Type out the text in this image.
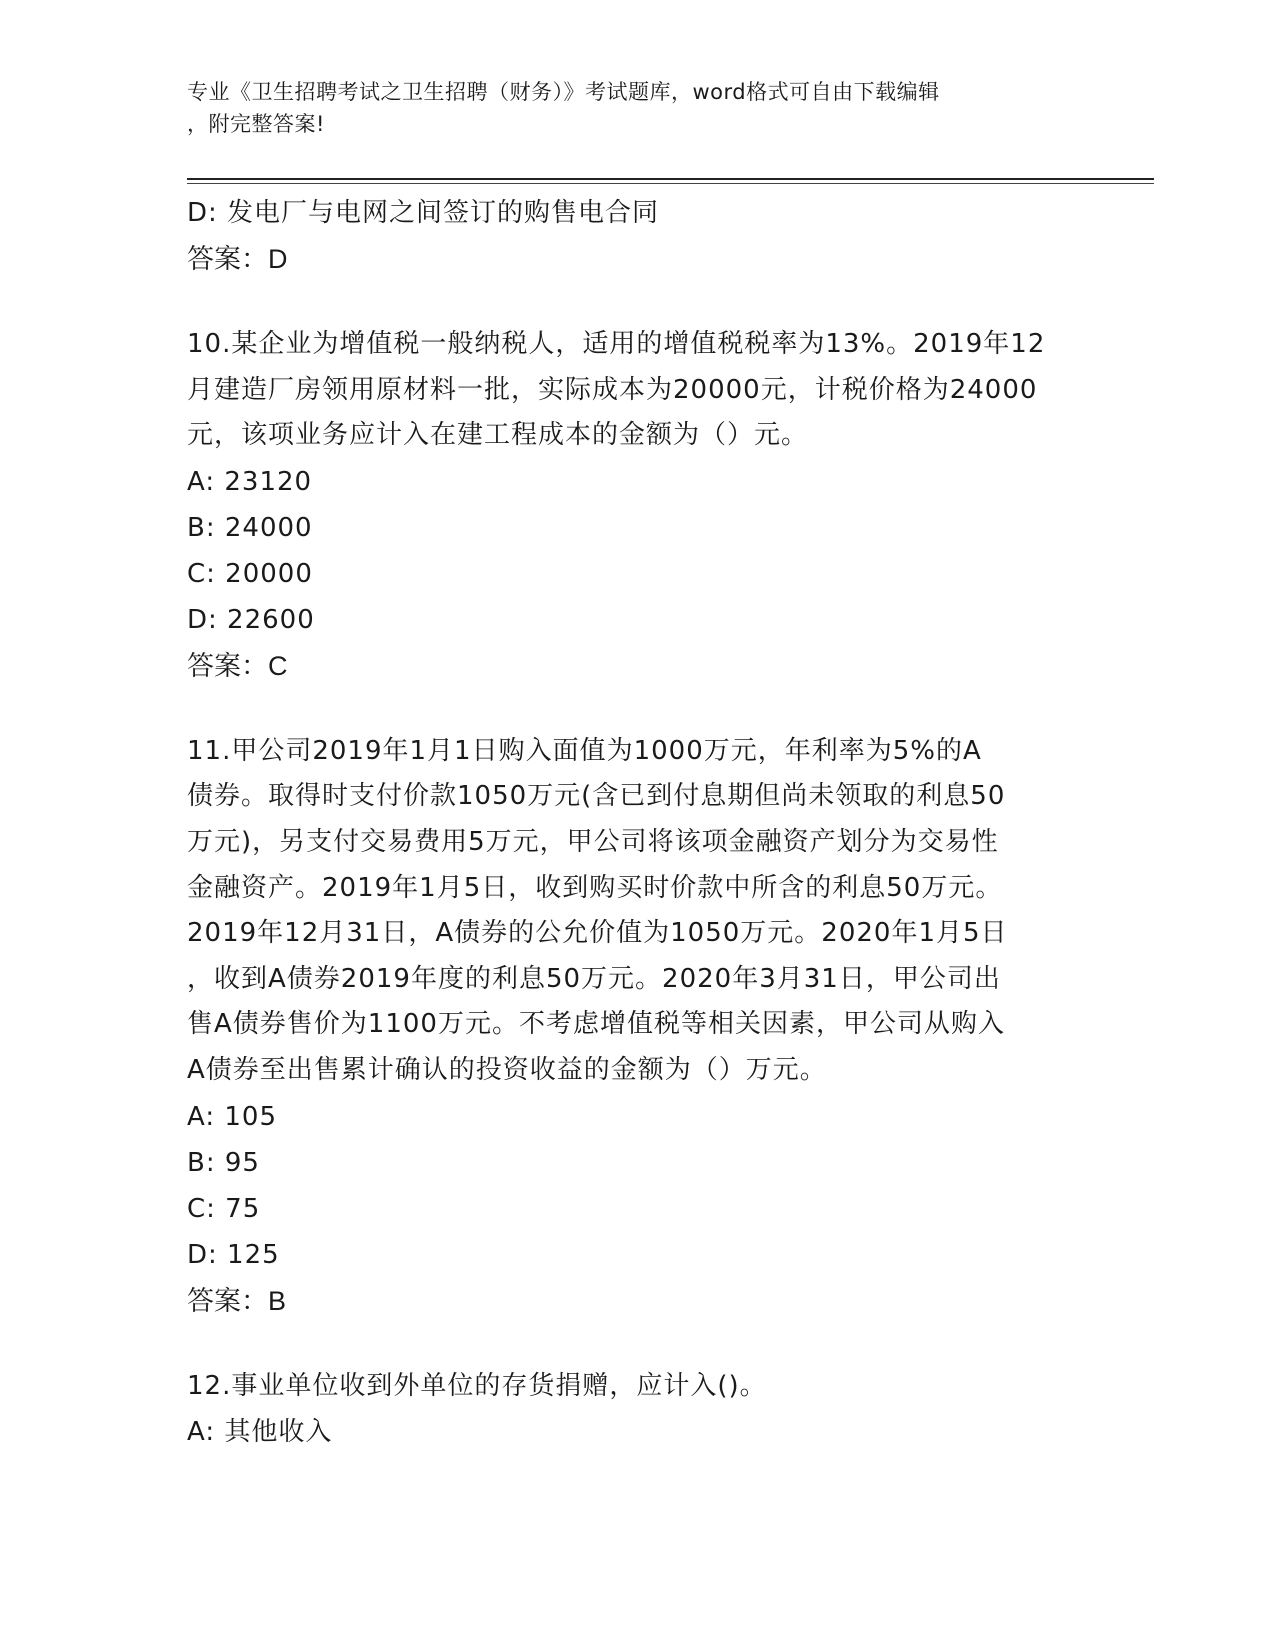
专业《卫生招聘考试之卫生招聘（财务）》考试题库，word格式可自由下载编辑
，附完整答案!
D: 发电厂与电网之间签订的购售电合同
答案：D
10.某企业为增值税一般纳税人，适用的增值税税率为13%。2019年12
月建造厂房领用原材料一批，实际成本为20000元，计税价格为24000
元，该项业务应计入在建工程成本的金额为（）元。
A: 23120
B: 24000
C: 20000
D: 22600
答案：C
11.甲公司2019年1月1日购入面值为1000万元，年利率为5%的A
债券。取得时支付价款1050万元(含已到付息期但尚未领取的利息50
万元)，另支付交易费用5万元，甲公司将该项金融资产划分为交易性
金融资产。2019年1月5日，收到购买时价款中所含的利息50万元。
2019年12月31日，A债券的公允价值为1050万元。2020年1月5日
，收到A债券2019年度的利息50万元。2020年3月31日，甲公司出
售A债券售价为1100万元。不考虑增值税等相关因素，甲公司从购入
A债券至出售累计确认的投资收益的金额为（）万元。
A: 105
B: 95
C: 75
D: 125
答案：B
12.事业单位收到外单位的存货捐赠，应计入()。
A: 其他收入
